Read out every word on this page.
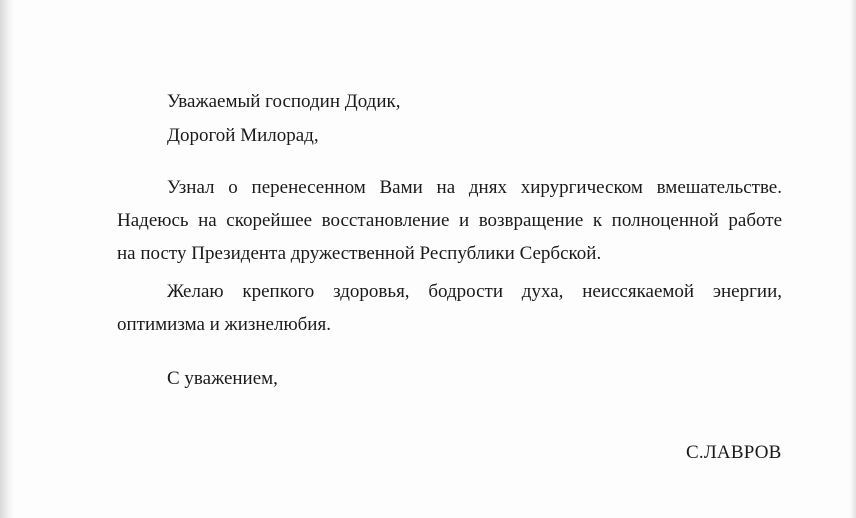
Уважаемый господин Додик,
Дорогой Милорад,
Узнал о перенесенном Вами на днях хирургическом вмешательстве.
Надеюсь на скорейшее восстановление и возвращение к полноценной работе
на посту Президента дружественной Республики Сербской.
Желаю крепкого здоровья, бодрости духа, неиссякаемой энергии,
оптимизма и жизнелюбия.
С уважением,
С.ЛАВРОВ
